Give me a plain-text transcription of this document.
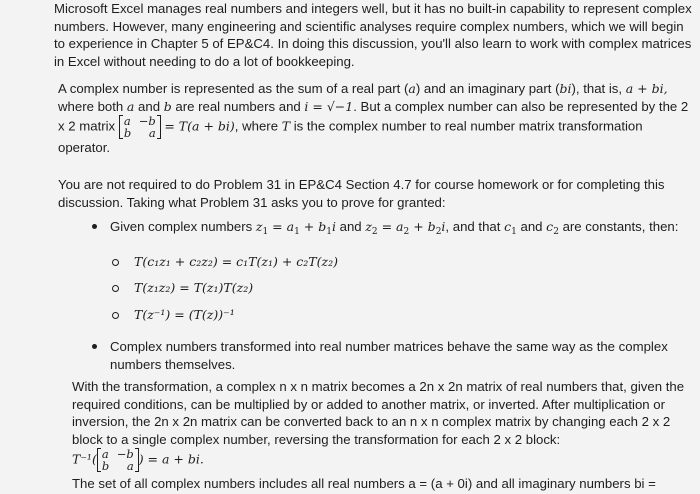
Microsoft Excel manages real numbers and integers well, but it has no built-in capability to represent complex numbers. However, many engineering and scientific analyses require complex numbers, which we will begin to experience in Chapter 5 of EP&C4. In doing this discussion, you'll also learn to work with complex matrices in Excel without needing to do a lot of bookkeeping.

A complex number is represented as the sum of a real part (a) and an imaginary part (bi), that is, a + bi,
where both a and b are real numbers and i = √−1. But a complex number can also be represented by the 2 x 2 matrix a −b
b a = T(a + bi), where T is the complex number to real number matrix transformation operator.

You are not required to do Problem 31 in EP&C4 Section 4.7 for course homework or for completing this discussion. Taking what Problem 31 asks you to prove for granted:

Given complex numbers $z_1 = a_1 + b_1i$ and $z_2 = a_2 + b_2i$, and that $c_1$ and $c_2$ are constants, then:
T(c₁z₁ + c₂z₂) = c₁T(z₁) + c₂T(z₂)
T(z₁z₂) = T(z₁)T(z₂)
T(z⁻¹) = (T(z))⁻¹
Complex numbers transformed into real number matrices behave the same way as the complex numbers themselves.

With the transformation, a complex n x n matrix becomes a 2n x 2n matrix of real numbers that, given the required conditions, can be multiplied by or added to another matrix, or inverted. After multiplication or inversion, the 2n x 2n matrix can be converted back to an n x n complex matrix by changing each 2 x 2 block to a single complex number, reversing the transformation for each 2 x 2 block:
T⁻¹( a −b
b a ) = a + bi.

The set of all complex numbers includes all real numbers a = (a + 0i) and all imaginary numbers bi =
